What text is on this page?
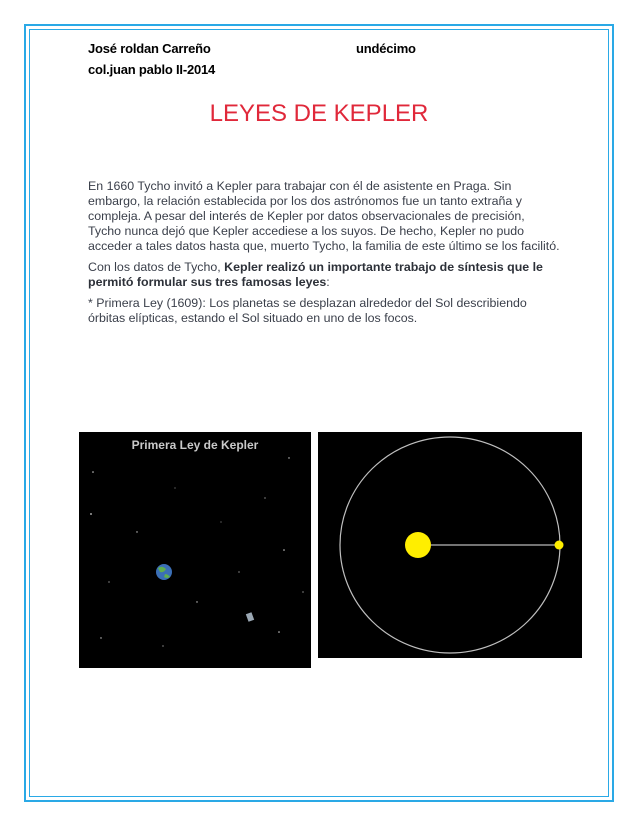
José roldan Carreño	undécimo
col.juan pablo II-2014
LEYES DE KEPLER

En 1660 Tycho invitó a Kepler para trabajar con él de asistente en Praga. Sin embargo, la relación establecida por los dos astrónomos fue un tanto extraña y compleja. A pesar del interés de Kepler por datos observacionales de precisión, Tycho nunca dejó que Kepler accediese a los suyos. De hecho, Kepler no pudo acceder a tales datos hasta que, muerto Tycho, la familia de este último se los facilitó.

Con los datos de Tycho, Kepler realizó un importante trabajo de síntesis que le permitó formular sus tres famosas leyes:

* Primera Ley (1609): Los planetas se desplazan alrededor del Sol describiendo órbitas elípticas, estando el Sol situado en uno de los focos.

Primera Ley de Kepler
